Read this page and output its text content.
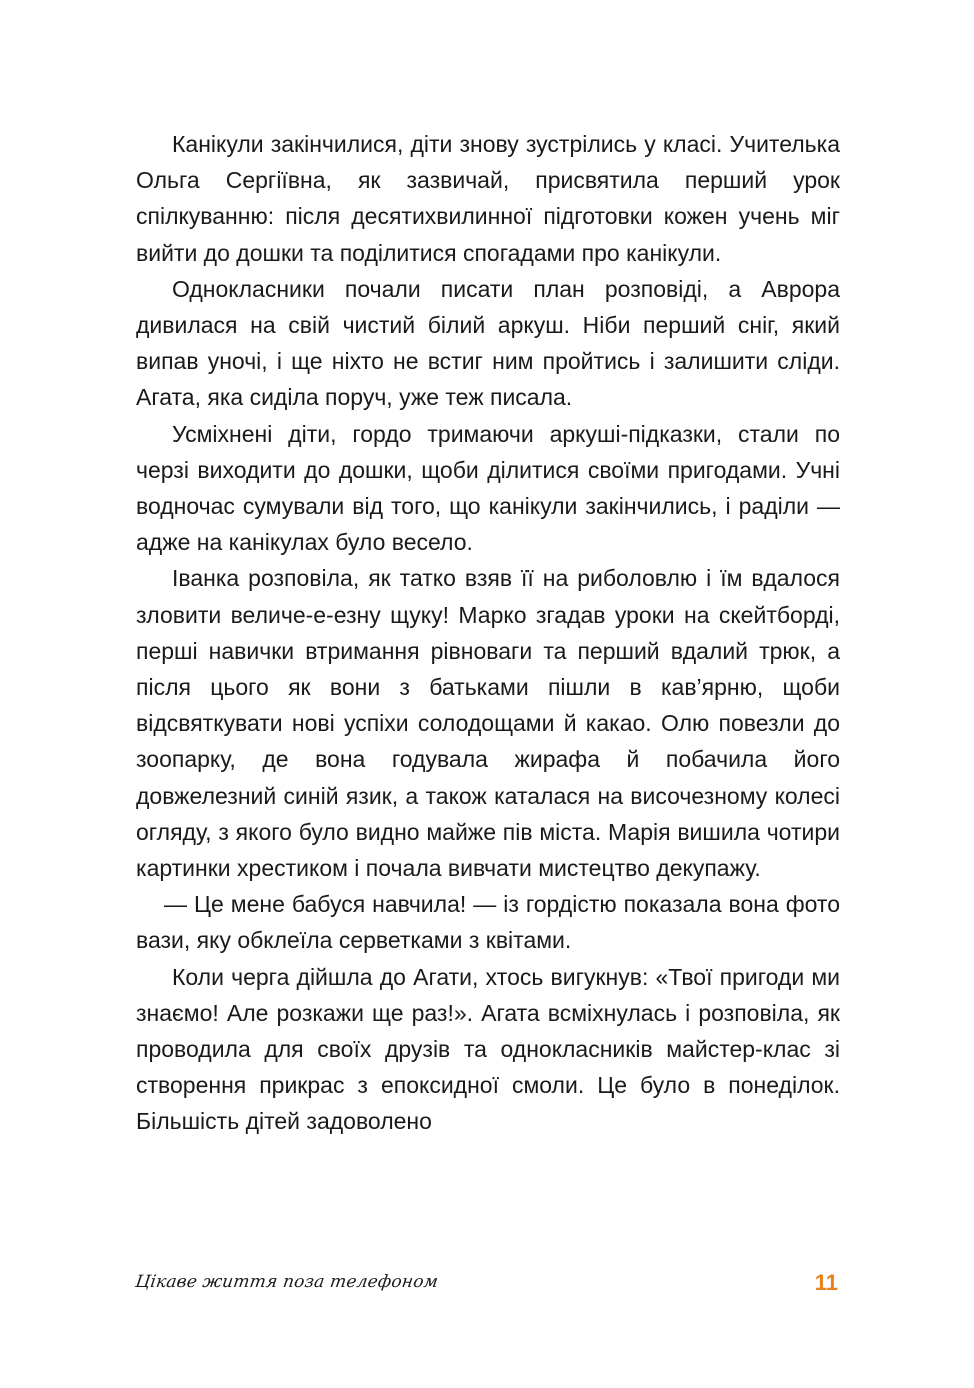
Канікули закінчилися, діти знову зустрілись у класі. Учителька Ольга Сергіївна, як зазвичай, присвятила перший урок спілкуванню: після десятихвилинної підготовки кожен учень міг вийти до дошки та поділитися спогадами про канікули.

Однокласники почали писати план розповіді, а Аврора дивилася на свій чистий білий аркуш. Ніби перший сніг, який випав уночі, і ще ніхто не встиг ним пройтись і залишити сліди. Агата, яка сиділа поруч, уже теж писала.

Усміхнені діти, гордо тримаючи аркуші-підказки, стали по черзі виходити до дошки, щоби ділитися своїми пригодами. Учні водночас сумували від того, що канікули закінчились, і раділи — адже на канікулах було весело.

Іванка розповіла, як татко взяв її на риболовлю і їм вдалося зловити величе-е-езну щуку! Марко згадав уроки на скейтборді, перші навички втримання рівноваги та перший вдалий трюк, а після цього як вони з батьками пішли в кав’ярню, щоби відсвяткувати нові успіхи солодощами й какао. Олю повезли до зоопарку, де вона годувала жирафа й побачила його довжелезний синій язик, а також каталася на височезному колесі огляду, з якого було видно майже пів міста. Марія вишила чотири картинки хрестиком і почала вивчати мистецтво декупажу.

— Це мене бабуся навчила! — із гордістю показала вона фото вази, яку обклеїла серветками з квітами.

Коли черга дійшла до Агати, хтось вигукнув: «Твої пригоди ми знаємо! Але розкажи ще раз!». Агата всміхнулась і розповіла, як проводила для своїх друзів та однокласників майстер-клас зі створення прикрас з епоксидної смоли. Це було в понеділок. Більшість дітей задоволено

Цікаве життя поза телефоном	11
